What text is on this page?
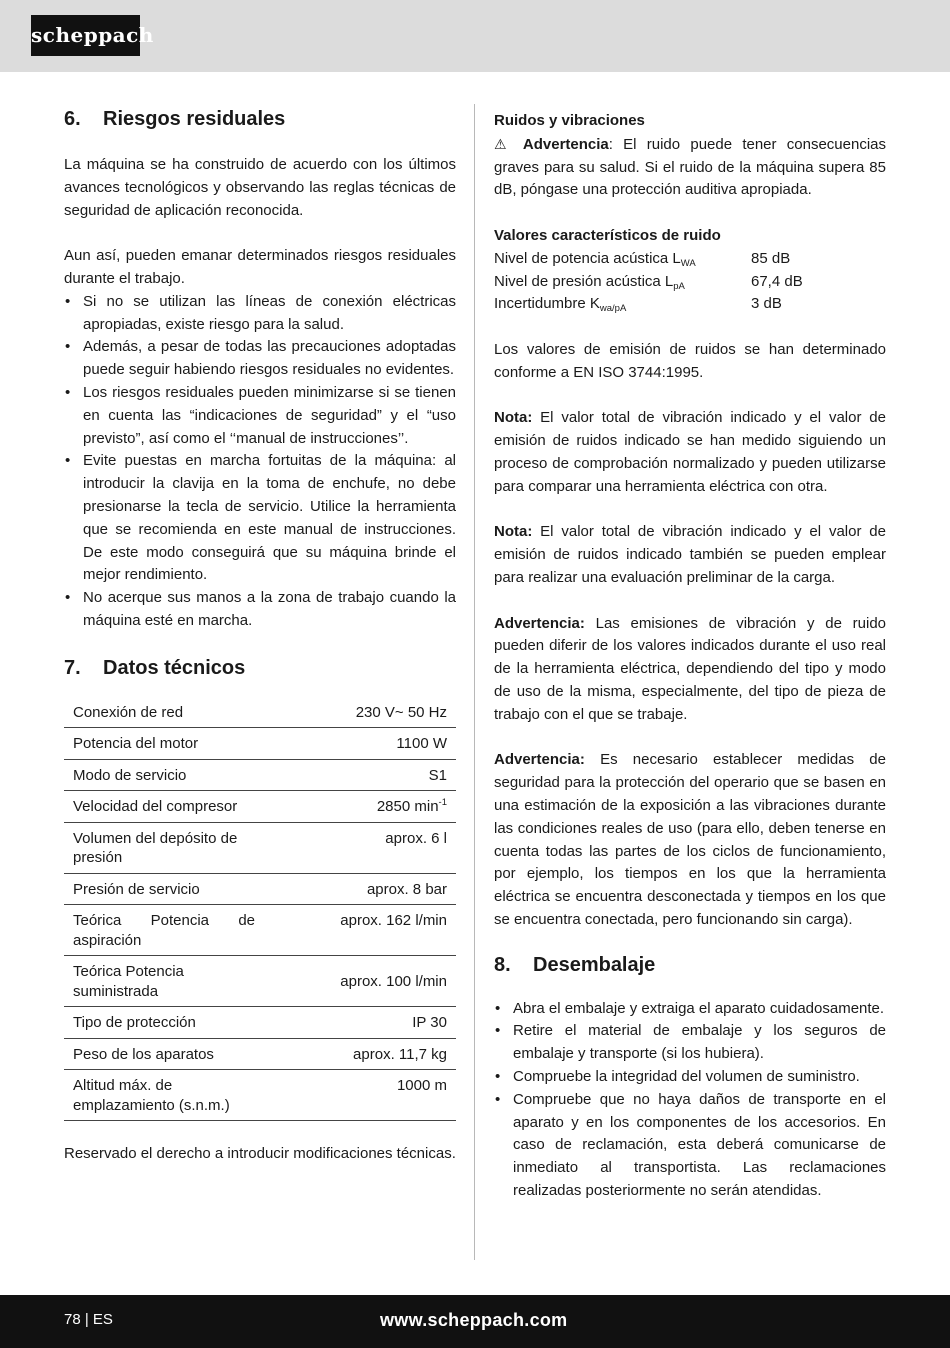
scheppach
6.	Riesgos residuales

La máquina se ha construido de acuerdo con los últimos avances tecnológicos y observando las reglas técnicas de seguridad de aplicación reconocida.

Aun así, pueden emanar determinados riesgos residuales durante el trabajo.

• Si no se utilizan las líneas de conexión eléctricas apropiadas, existe riesgo para la salud.
• Además, a pesar de todas las precauciones adoptadas puede seguir habiendo riesgos residuales no evidentes.
• Los riesgos residuales pueden minimizarse si se tienen en cuenta las “indicaciones de seguridad” y el “uso previsto”, así como el ‘‘manual de instrucciones’’.
• Evite puestas en marcha fortuitas de la máquina: al introducir la clavija en la toma de enchufe, no debe presionarse la tecla de servicio. Utilice la herramienta que se recomienda en este manual de instrucciones. De este modo conseguirá que su máquina brinde el mejor rendimiento.
• No acerque sus manos a la zona de trabajo cuando la máquina esté en marcha.
7.	Datos técnicos
Conexión de red	230 V~ 50 Hz
Potencia del motor	1100 W
Modo de servicio	S1
Velocidad del compresor	2850 $\min^{-1}$
Volumen del depósito de presión	aprox. 6 l
Presión de servicio	aprox. 8 bar
Teórica Potencia de
aspiración	aprox. 162 l/min
Teórica Potencia suministrada	aprox. 100 l/min
Tipo de protección	IP 30
Peso de los aparatos	aprox. 11,7 kg
Altitud máx. de emplazamiento (s.n.m.)	1000 m

Reservado el derecho a introducir modificaciones técnicas.

Ruidos y vibraciones

⚠ Advertencia: El ruido puede tener consecuencias graves para su salud. Si el ruido de la máquina supera 85 dB, póngase una protección auditiva apropiada.

Valores característicos de ruido

Nivel de potencia acústica $L_{WA}$	85 dB
Nivel de presión acústica $L_{pA}$	67,4 dB
Incertidumbre $K_{wa/pA}$	3 dB

Los valores de emisión de ruidos se han determinado conforme a EN ISO 3744:1995.

Nota: El valor total de vibración indicado y el valor de emisión de ruidos indicado se han medido siguiendo un proceso de comprobación normalizado y pueden utilizarse para comparar una herramienta eléctrica con otra.

Nota: El valor total de vibración indicado y el valor de emisión de ruidos indicado también se pueden emplear para realizar una evaluación preliminar de la carga.

Advertencia: Las emisiones de vibración y de ruido pueden diferir de los valores indicados durante el uso real de la herramienta eléctrica, dependiendo del tipo y modo de uso de la misma, especialmente, del tipo de pieza de trabajo con el que se trabaje.

Advertencia: Es necesario establecer medidas de seguridad para la protección del operario que se basen en una estimación de la exposición a las vibraciones durante las condiciones reales de uso (para ello, deben tenerse en cuenta todas las partes de los ciclos de funcionamiento, por ejemplo, los tiempos en los que la herramienta eléctrica se encuentra desconectada y tiempos en los que se encuentra conectada, pero funcionando sin carga).

8.	Desembalaje
• Abra el embalaje y extraiga el aparato cuidadosamente.
• Retire el material de embalaje y los seguros de embalaje y transporte (si los hubiera).
• Compruebe la integridad del volumen de suministro.
• Compruebe que no haya daños de transporte en el aparato y en los componentes de los accesorios. En caso de reclamación, esta deberá comunicarse de inmediato al transportista. Las reclamaciones realizadas posteriormente no serán atendidas.
78 | ES	www.scheppach.com
